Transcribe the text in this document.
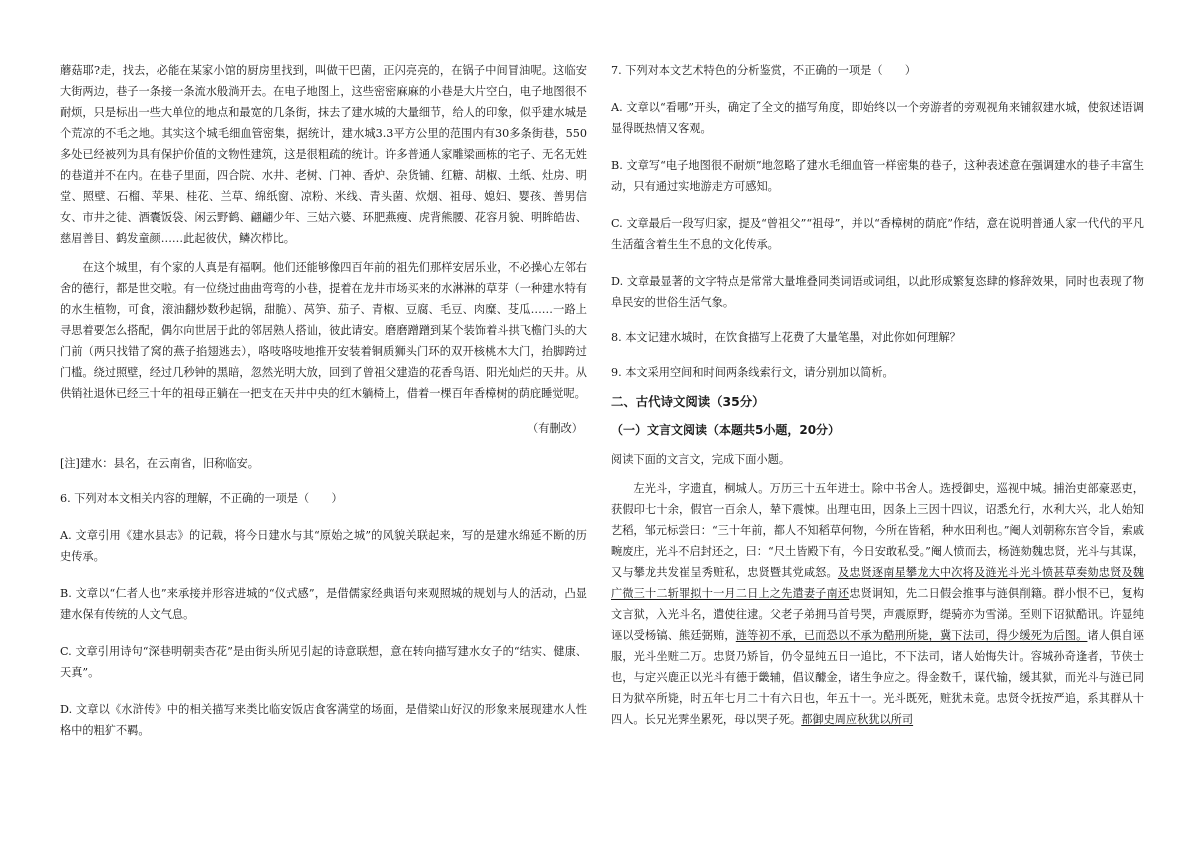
蘑菇耶?走，找去，必能在某家小馆的厨房里找到，叫做干巴菌，正闪亮亮的，在锅子中间冒油呢。这临安大街两边，巷子一条接一条流水般淌开去。在电子地图上，这些密密麻麻的小巷是大片空白，电子地图很不耐烦，只是标出一些大单位的地点和最宽的几条街，抹去了建水城的大量细节，给人的印象，似乎建水城是个荒凉的不毛之地。其实这个城毛细血管密集，据统计，建水城3.3平方公里的范围内有30多条街巷，550多处已经被列为具有保护价值的文物性建筑，这是很粗疏的统计。许多普通人家雕梁画栋的宅子、无名无姓的巷道并不在内。在巷子里面，四合院、水井、老树、门神、香炉、杂货铺、红糖、胡椒、土纸、灶房、明堂、照壁、石榴、苹果、桂花、兰草、绵纸窗、凉粉、米线、青头菌、炊烟、祖母、媳妇、婴孩、善男信女、市井之徒、酒囊饭袋、闲云野鹤、翩翩少年、三姑六婆、环肥燕瘦、虎背熊腰、花容月貌、明眸皓齿、慈眉善目、鹤发童颜……此起彼伏，鳞次栉比。

在这个城里，有个家的人真是有福啊。他们还能够像四百年前的祖先们那样安居乐业，不必操心左邻右舍的德行，都是世交啦。有一位绕过曲曲弯弯的小巷，提着在龙井市场买来的水淋淋的草芽（一种建水特有的水生植物，可食，滚油翻炒数秒起锅，甜脆）、莴笋、茄子、青椒、豆腐、毛豆、肉糜、芟瓜……一路上寻思着要怎么搭配，偶尔向世居于此的邻居熟人搭讪，彼此请安。磨磨蹭蹭到某个装饰着斗拱飞檐门头的大门前（两只找错了窝的燕子掐翅逃去），咯吱咯吱地推开安装着铜质狮头门环的双开核桃木大门，抬脚跨过门槛。绕过照壁，经过几秒钟的黑暗，忽然光明大放，回到了曾祖父建造的花香鸟语、阳光灿烂的天井。从供销社退休已经三十年的祖母正躺在一把支在天井中央的红木躺椅上，借着一棵百年香樟树的荫庇睡觉呢。

（有删改）

[注]建水：县名，在云南省，旧称临安。

6. 下列对本文相关内容的理解，不正确的一项是（　　）

A. 文章引用《建水县志》的记载，将今日建水与其“原始之城”的风貌关联起来，写的是建水绵延不断的历史传承。

B. 文章以“仁者人也”来承接并形容进城的“仪式感”，是借儒家经典语句来观照城的规划与人的活动，凸显建水保有传统的人文气息。

C. 文章引用诗句“深巷明朝卖杏花”是由街头所见引起的诗意联想，意在转向描写建水女子的“结实、健康、天真”。

D. 文章以《水浒传》中的相关描写来类比临安饭店食客满堂的场面，是借梁山好汉的形象来展现建水人性格中的粗犷不羁。

7. 下列对本文艺术特色的分析鉴赏，不正确的一项是（　　）

A. 文章以“看哪”开头，确定了全文的描写角度，即始终以一个旁游者的旁观视角来铺叙建水城，使叙述语调显得既热情又客观。

B. 文章写“电子地图很不耐烦”地忽略了建水毛细血管一样密集的巷子，这种表述意在强调建水的巷子丰富生动，只有通过实地游走方可感知。

C. 文章最后一段写归家，提及“曾祖父”“祖母”，并以“香樟树的荫庇”作结，意在说明普通人家一代代的平凡生活蕴含着生生不息的文化传承。

D. 文章最显著的文字特点是常常大量堆叠同类词语或词组，以此形成繁复恣肆的修辞效果，同时也表现了物阜民安的世俗生活气象。

8. 本文记建水城时，在饮食描写上花费了大量笔墨，对此你如何理解？

9. 本文采用空间和时间两条线索行文，请分别加以简析。

二、古代诗文阅读（35分）

（一）文言文阅读（本题共5小题，20分）

阅读下面的文言文，完成下面小题。

左光斗，字遗直，桐城人。万历三十五年进士。除中书舍人。选授御史，巡视中城。捕治吏部豪恶吏，获假印七十余，假官一百余人，辇下震悚。出理屯田，因条上三因十四议，诏悉允行，水利大兴，北人始知艺稻，邹元标尝曰：“三十年前，都人不知稻草何物，今所在皆稻，种水田利也。”阉人刘朝称东宫令旨，索戚畹废庄，光斗不启封还之，曰：“尺土皆殿下有，今日安敢私受。”阉人愤而去，杨涟劾魏忠贤，光斗与其谋，又与攀龙共发崔呈秀赃私，忠贤暨其党咸怒。及忠贤逐南星攀龙大中次将及涟光斗光斗愤甚草奏劾忠贤及魏广微三十二斩罪拟十一月二日上之先遣妻子南还忠贤诇知，先二日假会推事与涟俱削籍。群小恨不已，复构文言狱，入光斗名，遣使往逮。父老子弟拥马首号哭，声震原野，缇骑亦为雪涕。至则下诏狱酷讯。许显纯诬以受杨镐、熊廷弼贿，涟等初不承，已而恐以不承为酷刑所毙，冀下法司，得少缓死为后图。诸人俱自诬服，光斗坐赃二万。忠贤乃矫旨，仍令显纯五日一追比，不下法司，诸人始悔失计。容城孙奇逢者，节侠士也，与定兴鹿正以光斗有德于畿辅，倡议醵金，诸生争应之。得金数千，谋代输，缓其狱，而光斗与涟已同日为狱卒所毙，时五年七月二十有六日也，年五十一。光斗既死，赃犹未竟。忠贤令抚按严追，系其群从十四人。长兄光霁坐累死，母以哭子死。都御史周应秋犹以所司
